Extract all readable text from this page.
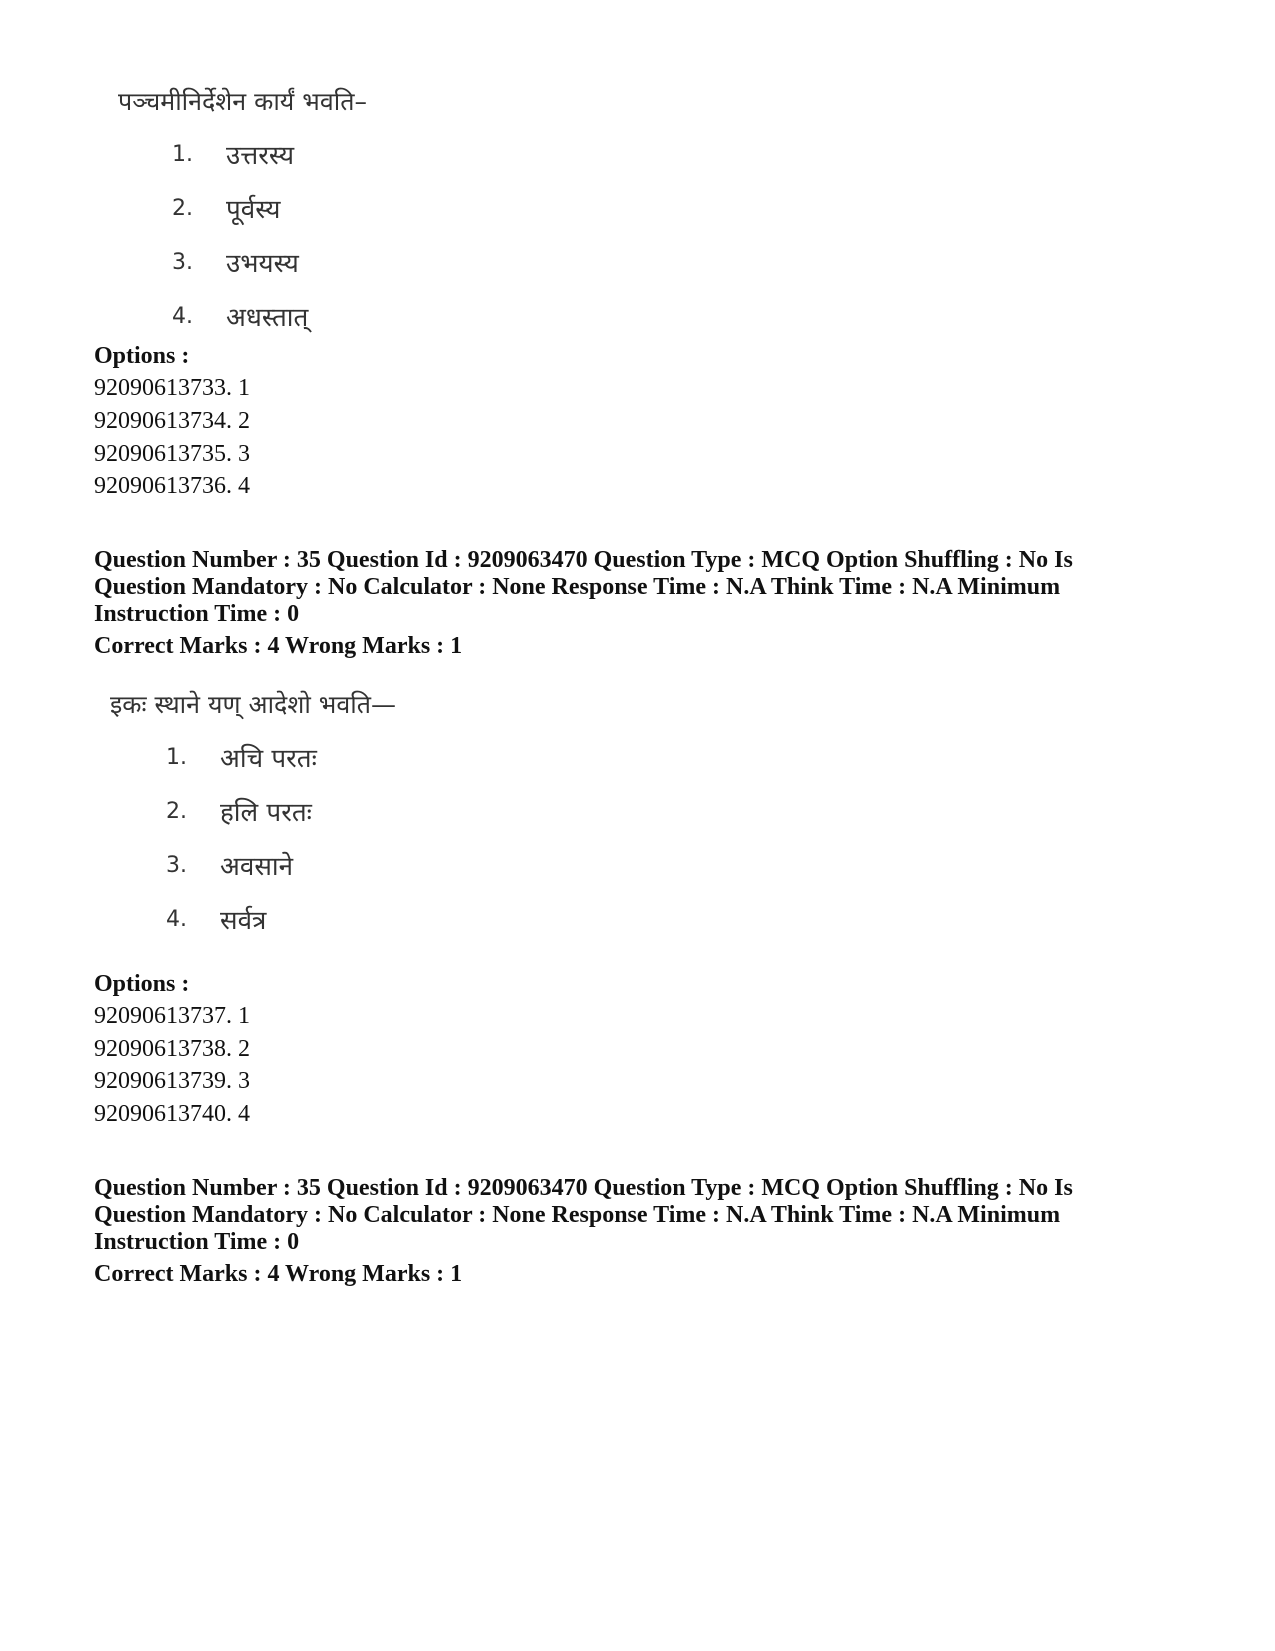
पञ्चमीनिर्देशेन कार्यं भवति–
1. उत्तरस्य
2. पूर्वस्य
3. उभयस्य
4. अधस्तात्
Options :
92090613733. 1
92090613734. 2
92090613735. 3
92090613736. 4
Question Number : 35 Question Id : 9209063470 Question Type : MCQ Option Shuffling : No Is
Question Mandatory : No Calculator : None Response Time : N.A Think Time : N.A Minimum
Instruction Time : 0
Correct Marks : 4 Wrong Marks : 1
इकः स्थाने यण् आदेशो भवति—
1. अचि परतः
2. हलि परतः
3. अवसाने
4. सर्वत्र
Options :
92090613737. 1
92090613738. 2
92090613739. 3
92090613740. 4
Question Number : 35 Question Id : 9209063470 Question Type : MCQ Option Shuffling : No Is
Question Mandatory : No Calculator : None Response Time : N.A Think Time : N.A Minimum
Instruction Time : 0
Correct Marks : 4 Wrong Marks : 1
